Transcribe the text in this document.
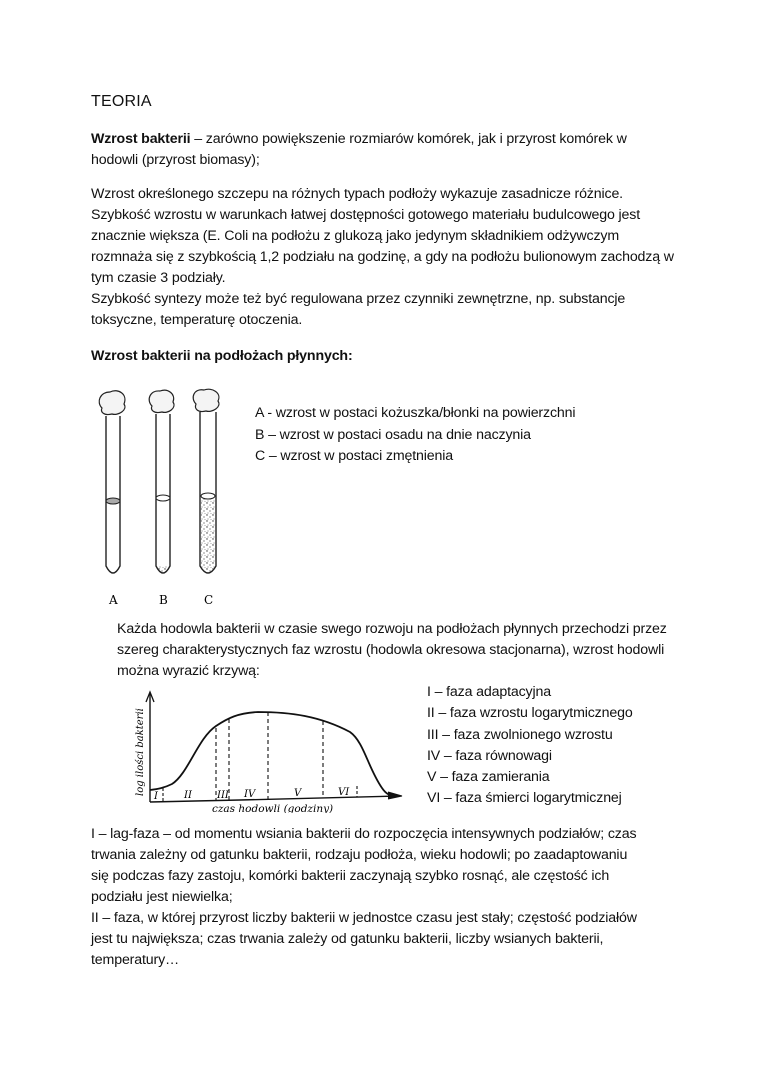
TEORIA
Wzrost bakterii – zarówno powiększenie rozmiarów komórek, jak i przyrost komórek w
hodowli (przyrost biomasy);
Wzrost określonego szczepu na różnych typach podłoży wykazuje zasadnicze różnice.
Szybkość wzrostu w warunkach łatwej dostępności gotowego materiału budulcowego jest
znacznie większa (E. Coli na podłożu z glukozą jako jedynym składnikiem odżywczym
rozmnaża się z szybkością 1,2 podziału na godzinę, a gdy na podłożu bulionowym zachodzą w
tym czasie 3 podziały.
Szybkość syntezy może też być regulowana przez czynniki zewnętrzne, np. substancje
toksyczne, temperaturę otoczenia.
Wzrost bakterii na podłożach płynnych:
A	B	C
A - wzrost w postaci kożuszka/błonki na powierzchni
B – wzrost w postaci osadu na dnie naczynia
C – wzrost w postaci zmętnienia
Każda hodowla bakterii w czasie swego rozwoju na podłożach płynnych przechodzi przez
szereg charakterystycznych faz wzrostu (hodowla okresowa stacjonarna), wzrost hodowli
można wyrazić krzywą:
I	II	III IV	V	VI
log ilości bakterii
czas hodowli (godziny)
I – faza adaptacyjna
II – faza wzrostu logarytmicznego
III – faza zwolnionego wzrostu
IV – faza równowagi
V – faza zamierania
VI – faza śmierci logarytmicznej
I – lag-faza – od momentu wsiania bakterii do rozpoczęcia intensywnych podziałów; czas
trwania zależny od gatunku bakterii, rodzaju podłoża, wieku hodowli; po zaadaptowaniu
się podczas fazy zastoju, komórki bakterii zaczynają szybko rosnąć, ale częstość ich
podziału jest niewielka;
II – faza, w której przyrost liczby bakterii w jednostce czasu jest stały; częstość podziałów
jest tu największa; czas trwania zależy od gatunku bakterii, liczby wsianych bakterii,
temperatury…
